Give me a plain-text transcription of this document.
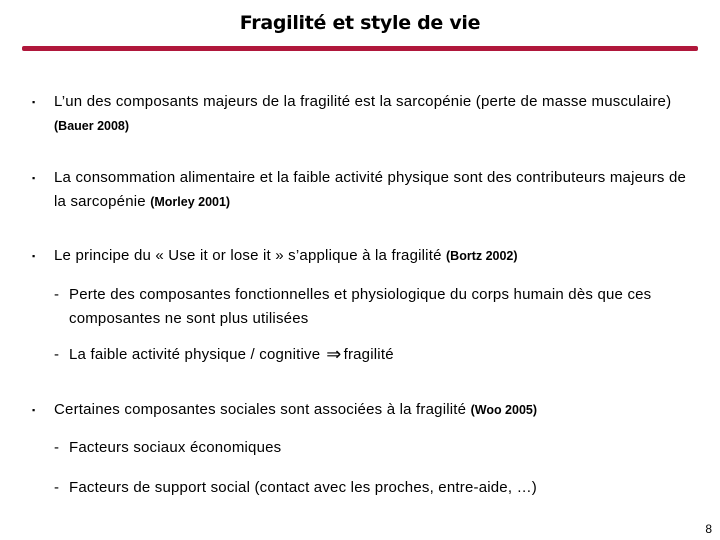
Fragilité et style de vie
▪ L’un des composants majeurs de la fragilité est la sarcopénie (perte de masse musculaire) (Bauer 2008)
▪ La consommation alimentaire et la faible activité physique sont des contributeurs majeurs de la sarcopénie (Morley 2001)
▪ Le principe du « Use it or lose it » s’applique à la fragilité (Bortz 2002)
- Perte des composantes fonctionnelles et physiologique du corps humain dès que ces composantes ne sont plus utilisées
- La faible activité physique / cognitive ⇒ fragilité
▪ Certaines composantes sociales sont associées à la fragilité (Woo 2005)
- Facteurs sociaux économiques
- Facteurs de support social (contact avec les proches, entre-aide, …)
8
